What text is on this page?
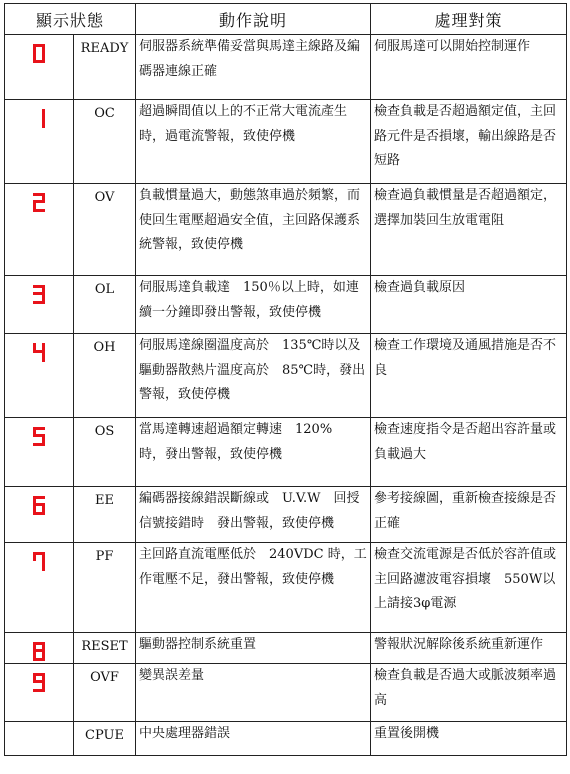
顯示狀態		動作說明	處理對策

	READY	伺服器系統準備妥當與馬達主線路及編碼器連線正確	伺服馬達可以開始控制運作

	OC	超過瞬間值以上的不正常大電流產生時，過電流警報，致使停機	檢查負載是否超過額定值，主回路元件是否損壞，輸出線路是否短路

	OV	負載慣量過大，動態煞車過於頻繁，而使回生電壓超過安全值，主回路保護系統警報，致使停機	檢查過負載慣量是否超過額定，選擇加裝回生放電電阻

	OL	伺服馬達負載達　150％以上時，如連續一分鐘即發出警報，致使停機	檢查過負載原因

	OH	伺服馬達線圈溫度高於　135℃時以及驅動器散熱片溫度高於　85℃時，發出警報，致使停機	檢查工作環境及通風措施是否不良

	OS	當馬達轉速超過額定轉速　120%　時，發出警報，致使停機	檢查速度指令是否超出容許量或負載過大

	EE	編碼器接線錯誤斷線或　U.V.W　回授信號接錯時　發出警報，致使停機	參考接線圖，重新檢查接線是否正確

	PF	主回路直流電壓低於　240VDC 時，工作電壓不足，發出警報，致使停機	檢查交流電源是否低於容許值或主回路濾波電容損壞　550W以上請接3φ電源

	RESET	驅動器控制系統重置	警報狀況解除後系統重新運作

	OVF	變異誤差量	檢查負載是否過大或脈波頻率過高
	CPUE	中央處理器錯誤	重置後開機
